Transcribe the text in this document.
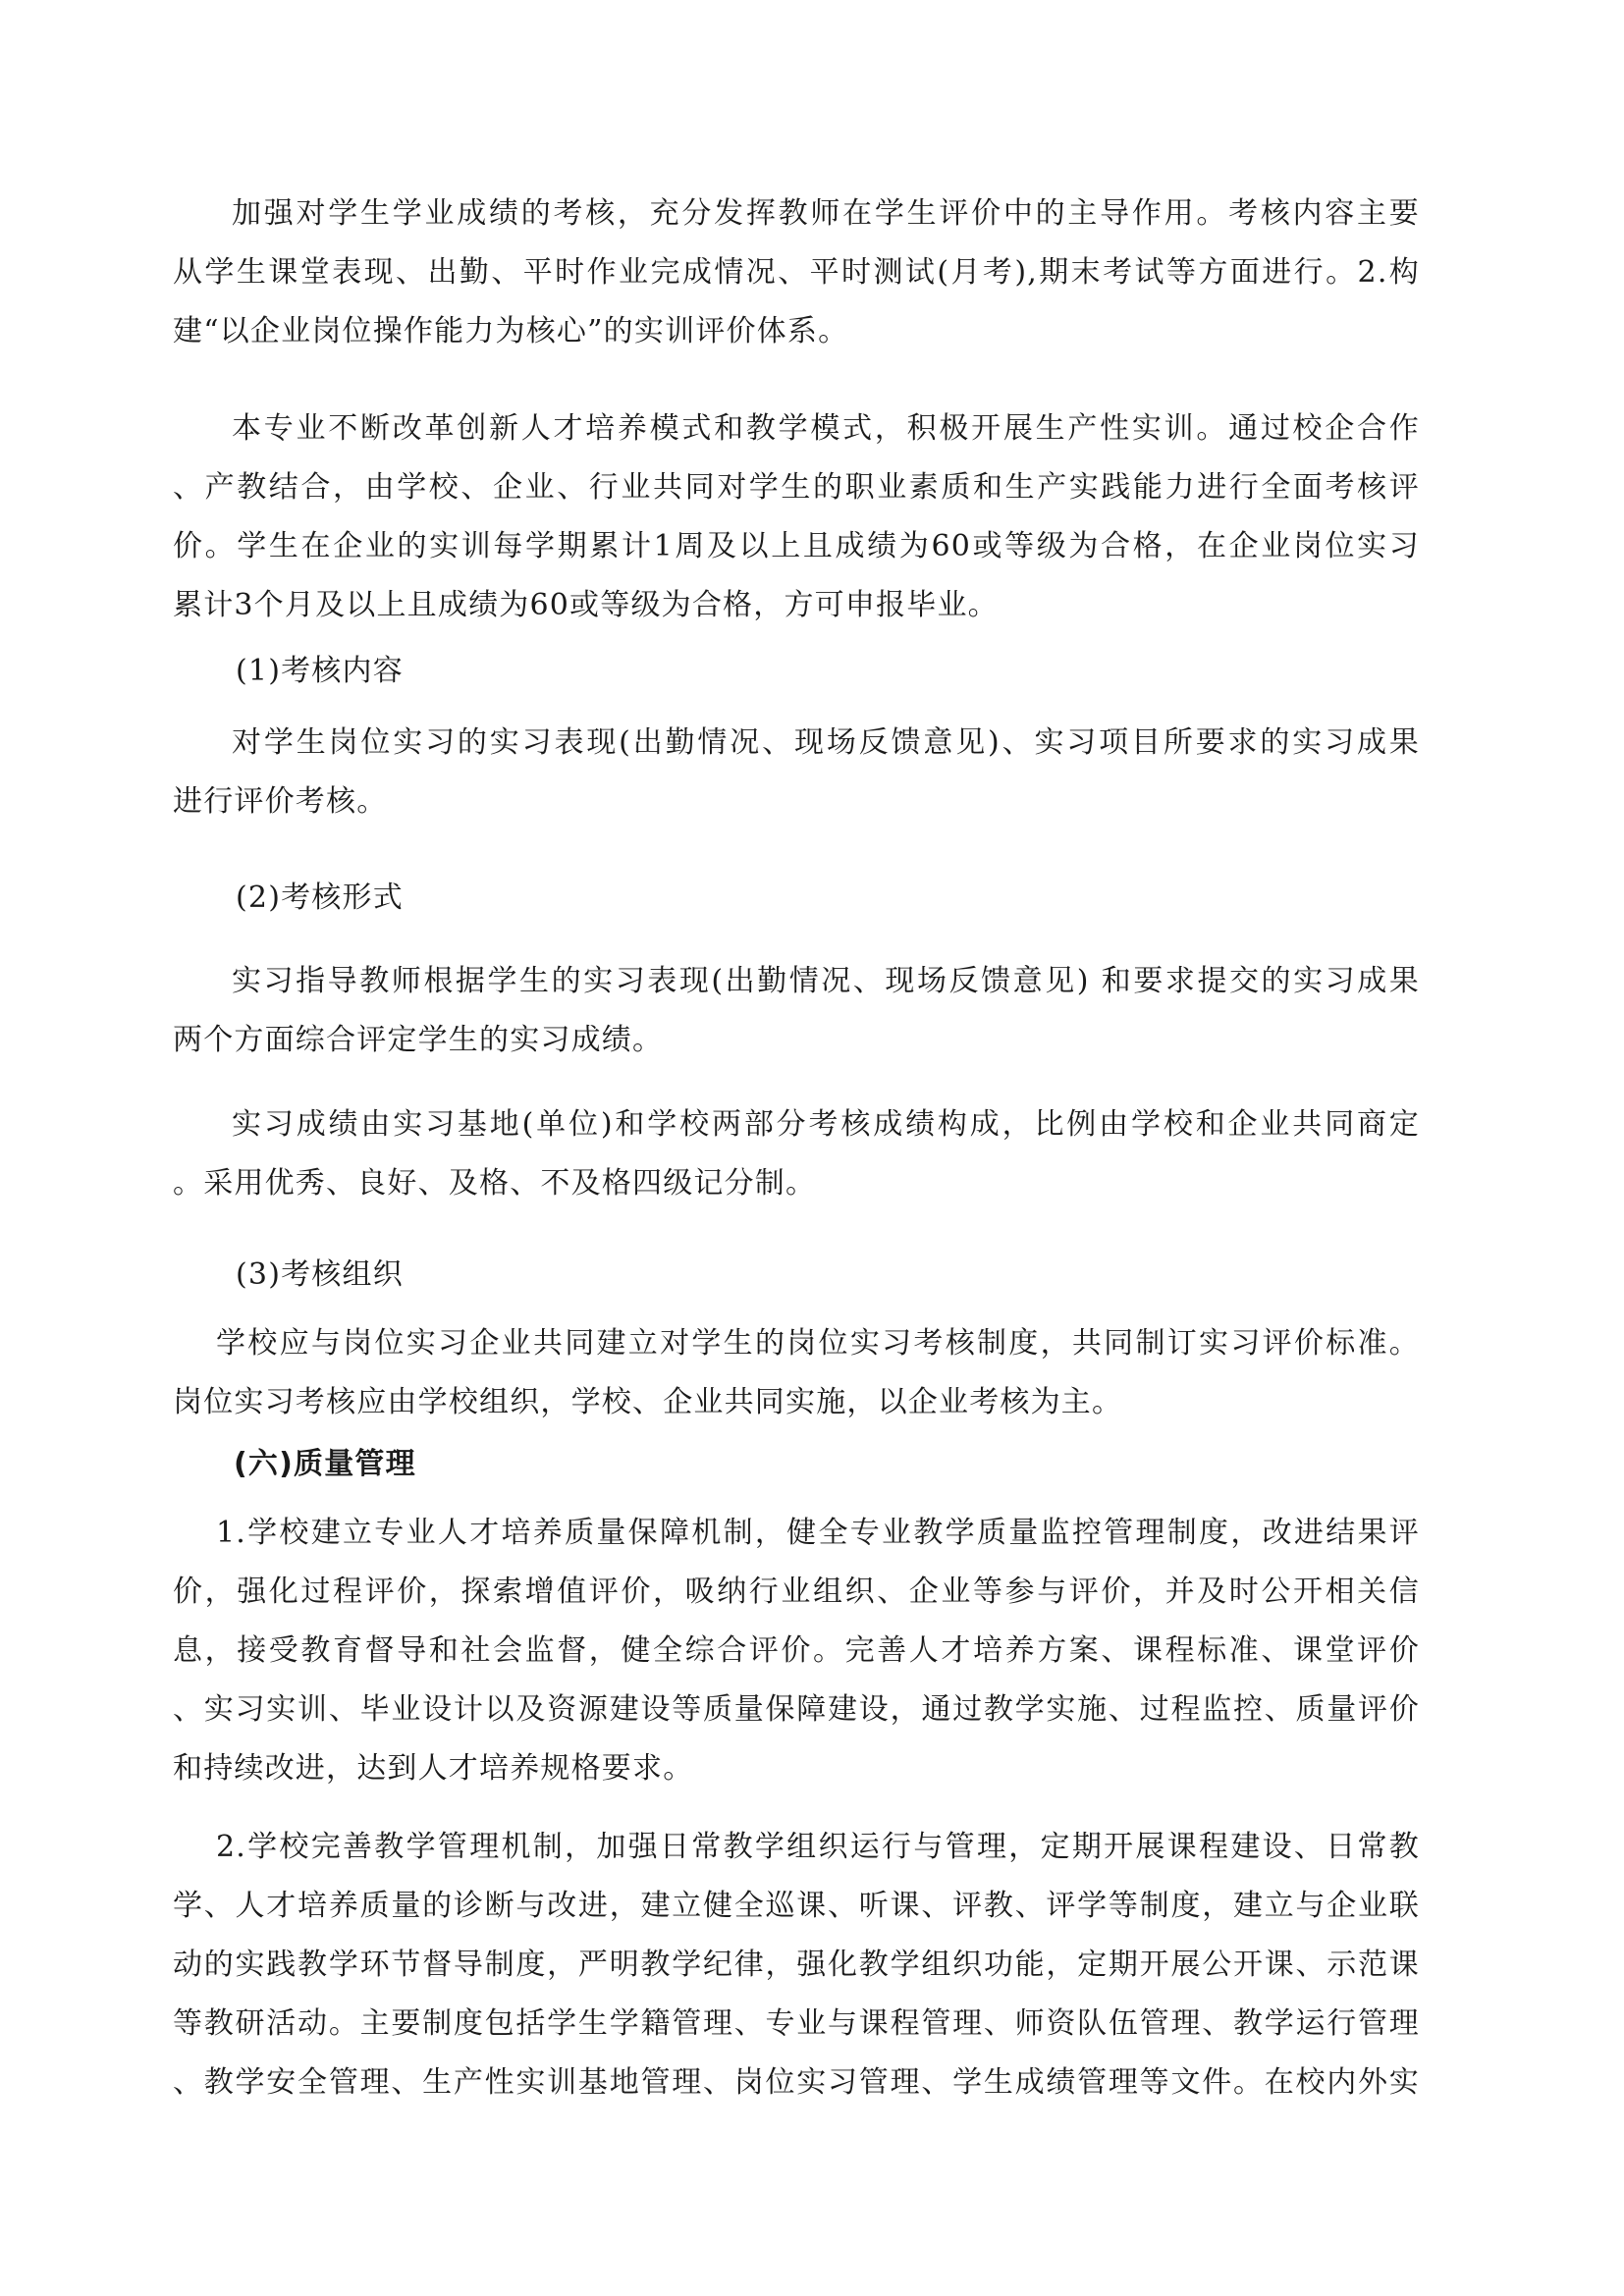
加强对学生学业成绩的考核，充分发挥教师在学生评价中的主导作用。考核内容主要
从学生课堂表现、出勤、平时作业完成情况、平时测试(月考),期末考试等方面进行。2.构
建“以企业岗位操作能力为核心”的实训评价体系。
本专业不断改革创新人才培养模式和教学模式，积极开展生产性实训。通过校企合作
、产教结合，由学校、企业、行业共同对学生的职业素质和生产实践能力进行全面考核评
价。学生在企业的实训每学期累计1周及以上且成绩为60或等级为合格，在企业岗位实习
累计3个月及以上且成绩为60或等级为合格，方可申报毕业。
(1)考核内容
对学生岗位实习的实习表现(出勤情况、现场反馈意见)、实习项目所要求的实习成果
进行评价考核。
(2)考核形式
实习指导教师根据学生的实习表现(出勤情况、现场反馈意见) 和要求提交的实习成果
两个方面综合评定学生的实习成绩。
实习成绩由实习基地(单位)和学校两部分考核成绩构成，比例由学校和企业共同商定
。采用优秀、良好、及格、不及格四级记分制。
(3)考核组织
学校应与岗位实习企业共同建立对学生的岗位实习考核制度，共同制订实习评价标准。
岗位实习考核应由学校组织，学校、企业共同实施，以企业考核为主。
(六)质量管理
1.学校建立专业人才培养质量保障机制，健全专业教学质量监控管理制度，改进结果评
价，强化过程评价，探索增值评价，吸纳行业组织、企业等参与评价，并及时公开相关信
息，接受教育督导和社会监督，健全综合评价。完善人才培养方案、课程标准、课堂评价
、实习实训、毕业设计以及资源建设等质量保障建设，通过教学实施、过程监控、质量评价
和持续改进，达到人才培养规格要求。
2.学校完善教学管理机制，加强日常教学组织运行与管理，定期开展课程建设、日常教
学、人才培养质量的诊断与改进，建立健全巡课、听课、评教、评学等制度，建立与企业联
动的实践教学环节督导制度，严明教学纪律，强化教学组织功能，定期开展公开课、示范课
等教研活动。主要制度包括学生学籍管理、专业与课程管理、师资队伍管理、教学运行管理
、教学安全管理、生产性实训基地管理、岗位实习管理、学生成绩管理等文件。在校内外实
